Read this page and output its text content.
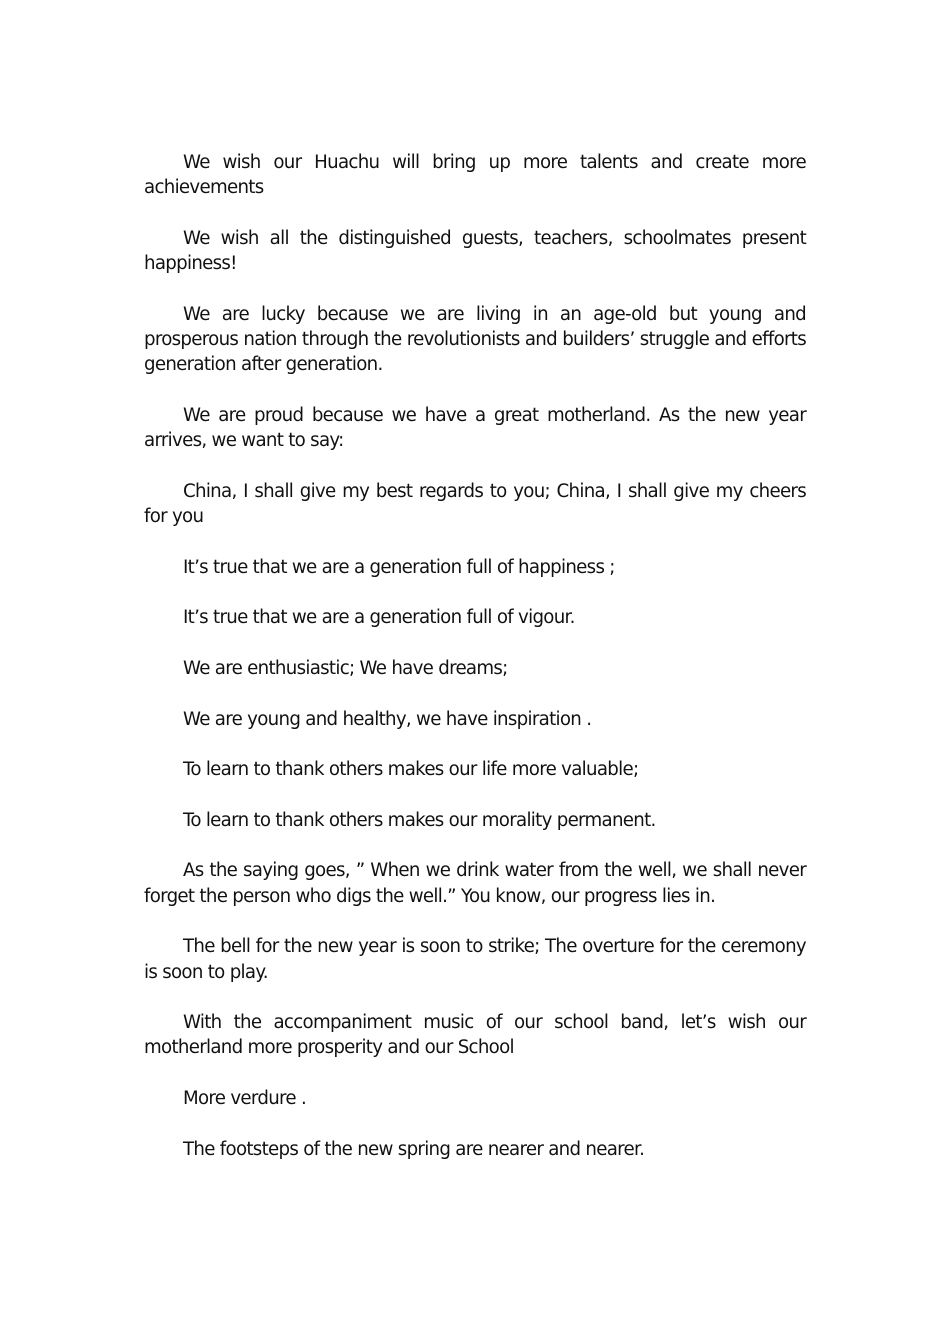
We wish our Huachu will bring up more talents and create more achievements

We wish all the distinguished guests, teachers, schoolmates present happiness!

We are lucky because we are living in an age-old but young and prosperous nation through the revolutionists and builders’ struggle and efforts generation after generation.

We are proud because we have a great motherland. As the new year arrives, we want to say:

China, I shall give my best regards to you; China, I shall give my cheers for you

It’s true that we are a generation full of happiness ;

It’s true that we are a generation full of vigour.

We are enthusiastic; We have dreams;

We are young and healthy, we have inspiration .

To learn to thank others makes our life more valuable;

To learn to thank others makes our morality permanent.

As the saying goes, ” When we drink water from the well, we shall never forget the person who digs the well.” You know, our progress lies in.

The bell for the new year is soon to strike; The overture for the ceremony is soon to play.

With the accompaniment music of our school band, let’s wish our motherland more prosperity and our School

More verdure .

The footsteps of the new spring are nearer and nearer.
